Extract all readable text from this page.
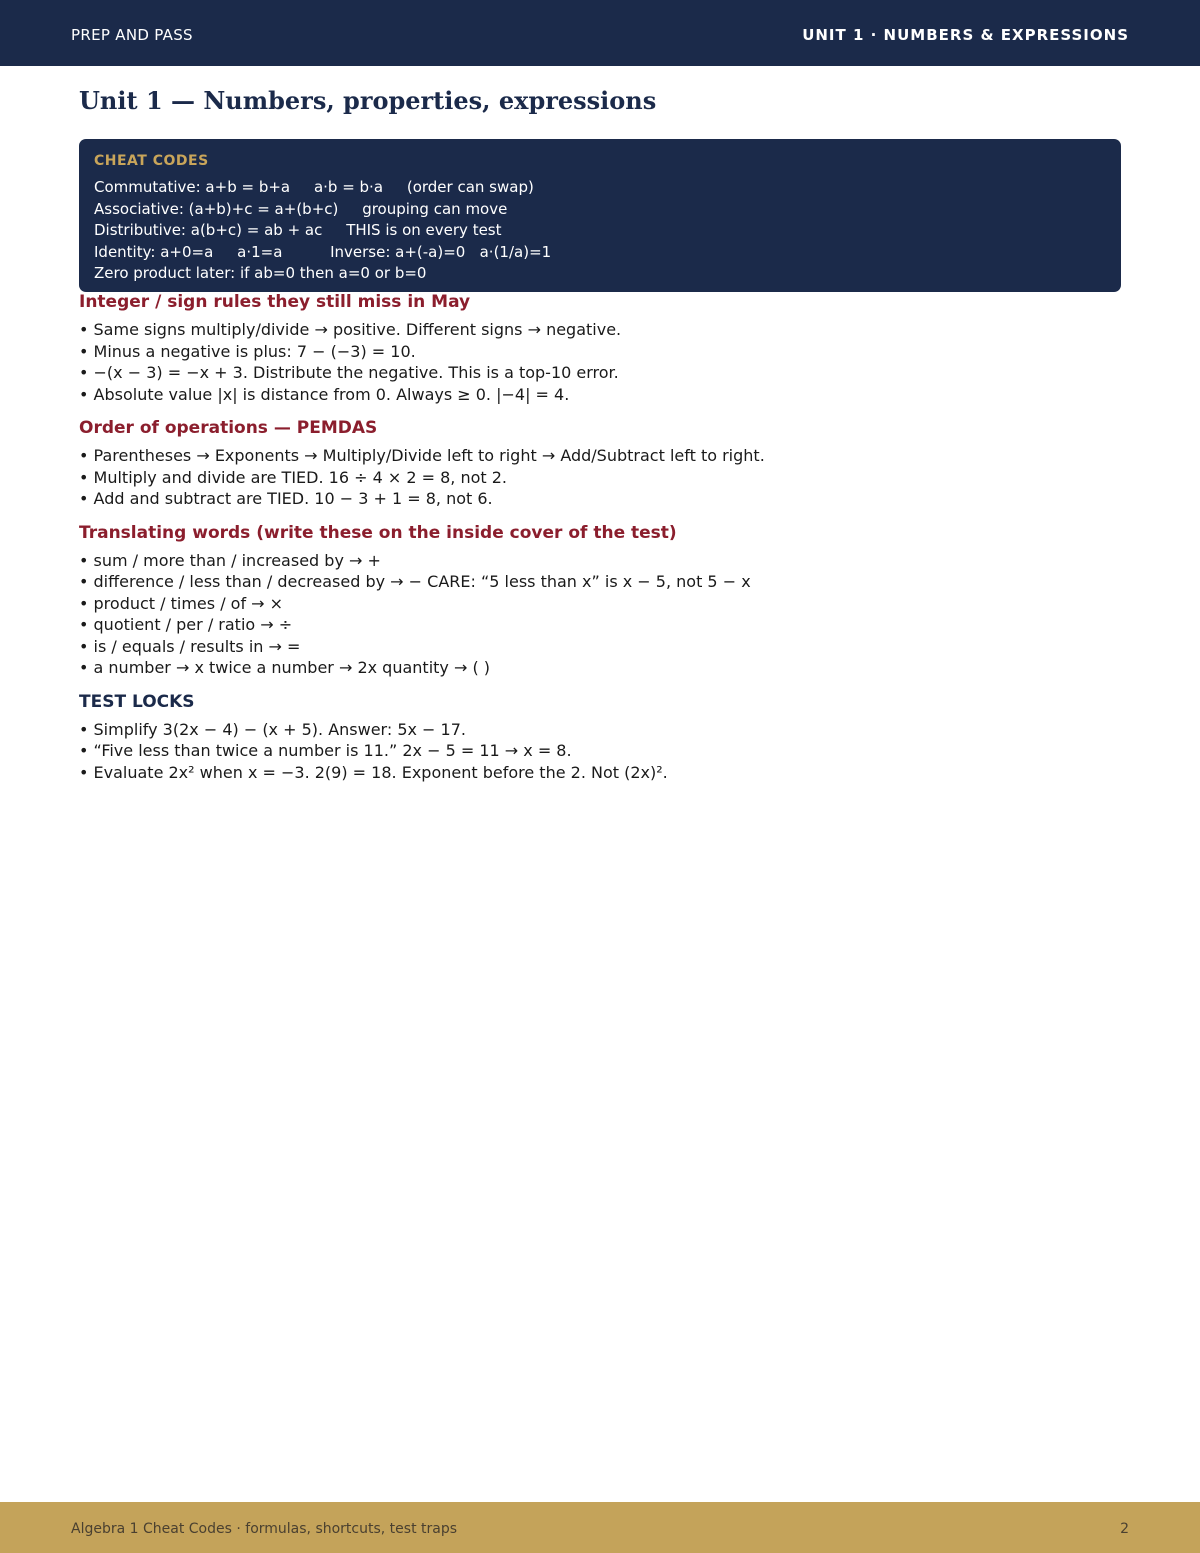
PREP AND PASS	UNIT 1 · NUMBERS & EXPRESSIONS
Unit 1 — Numbers, properties, expressions
CHEAT CODES
Commutative: a+b = b+a     a·b = b·a     (order can swap)
Associative: (a+b)+c = a+(b+c)     grouping can move
Distributive: a(b+c) = ab + ac     THIS is on every test
Identity: a+0=a     a·1=a          Inverse: a+(-a)=0   a·(1/a)=1
Zero product later: if ab=0 then a=0 or b=0
Integer / sign rules they still miss in May
• Same signs multiply/divide → positive. Different signs → negative.
• Minus a negative is plus: 7 − (−3) = 10.
• −(x − 3) = −x + 3. Distribute the negative. This is a top-10 error.
• Absolute value |x| is distance from 0. Always ≥ 0. |−4| = 4.
Order of operations — PEMDAS
• Parentheses → Exponents → Multiply/Divide left to right → Add/Subtract left to right.
• Multiply and divide are TIED. 16 ÷ 4 × 2 = 8, not 2.
• Add and subtract are TIED. 10 − 3 + 1 = 8, not 6.
Translating words (write these on the inside cover of the test)
• sum / more than / increased by → +
• difference / less than / decreased by → − CARE: “5 less than x” is x − 5, not 5 − x
• product / times / of → ×
• quotient / per / ratio → ÷
• is / equals / results in → =
• a number → x twice a number → 2x quantity → ( )
TEST LOCKS
• Simplify 3(2x − 4) − (x + 5). Answer: 5x − 17.
• “Five less than twice a number is 11.” 2x − 5 = 11 → x = 8.
• Evaluate 2x² when x = −3. 2(9) = 18. Exponent before the 2. Not (2x)².
Algebra 1 Cheat Codes · formulas, shortcuts, test traps	2
